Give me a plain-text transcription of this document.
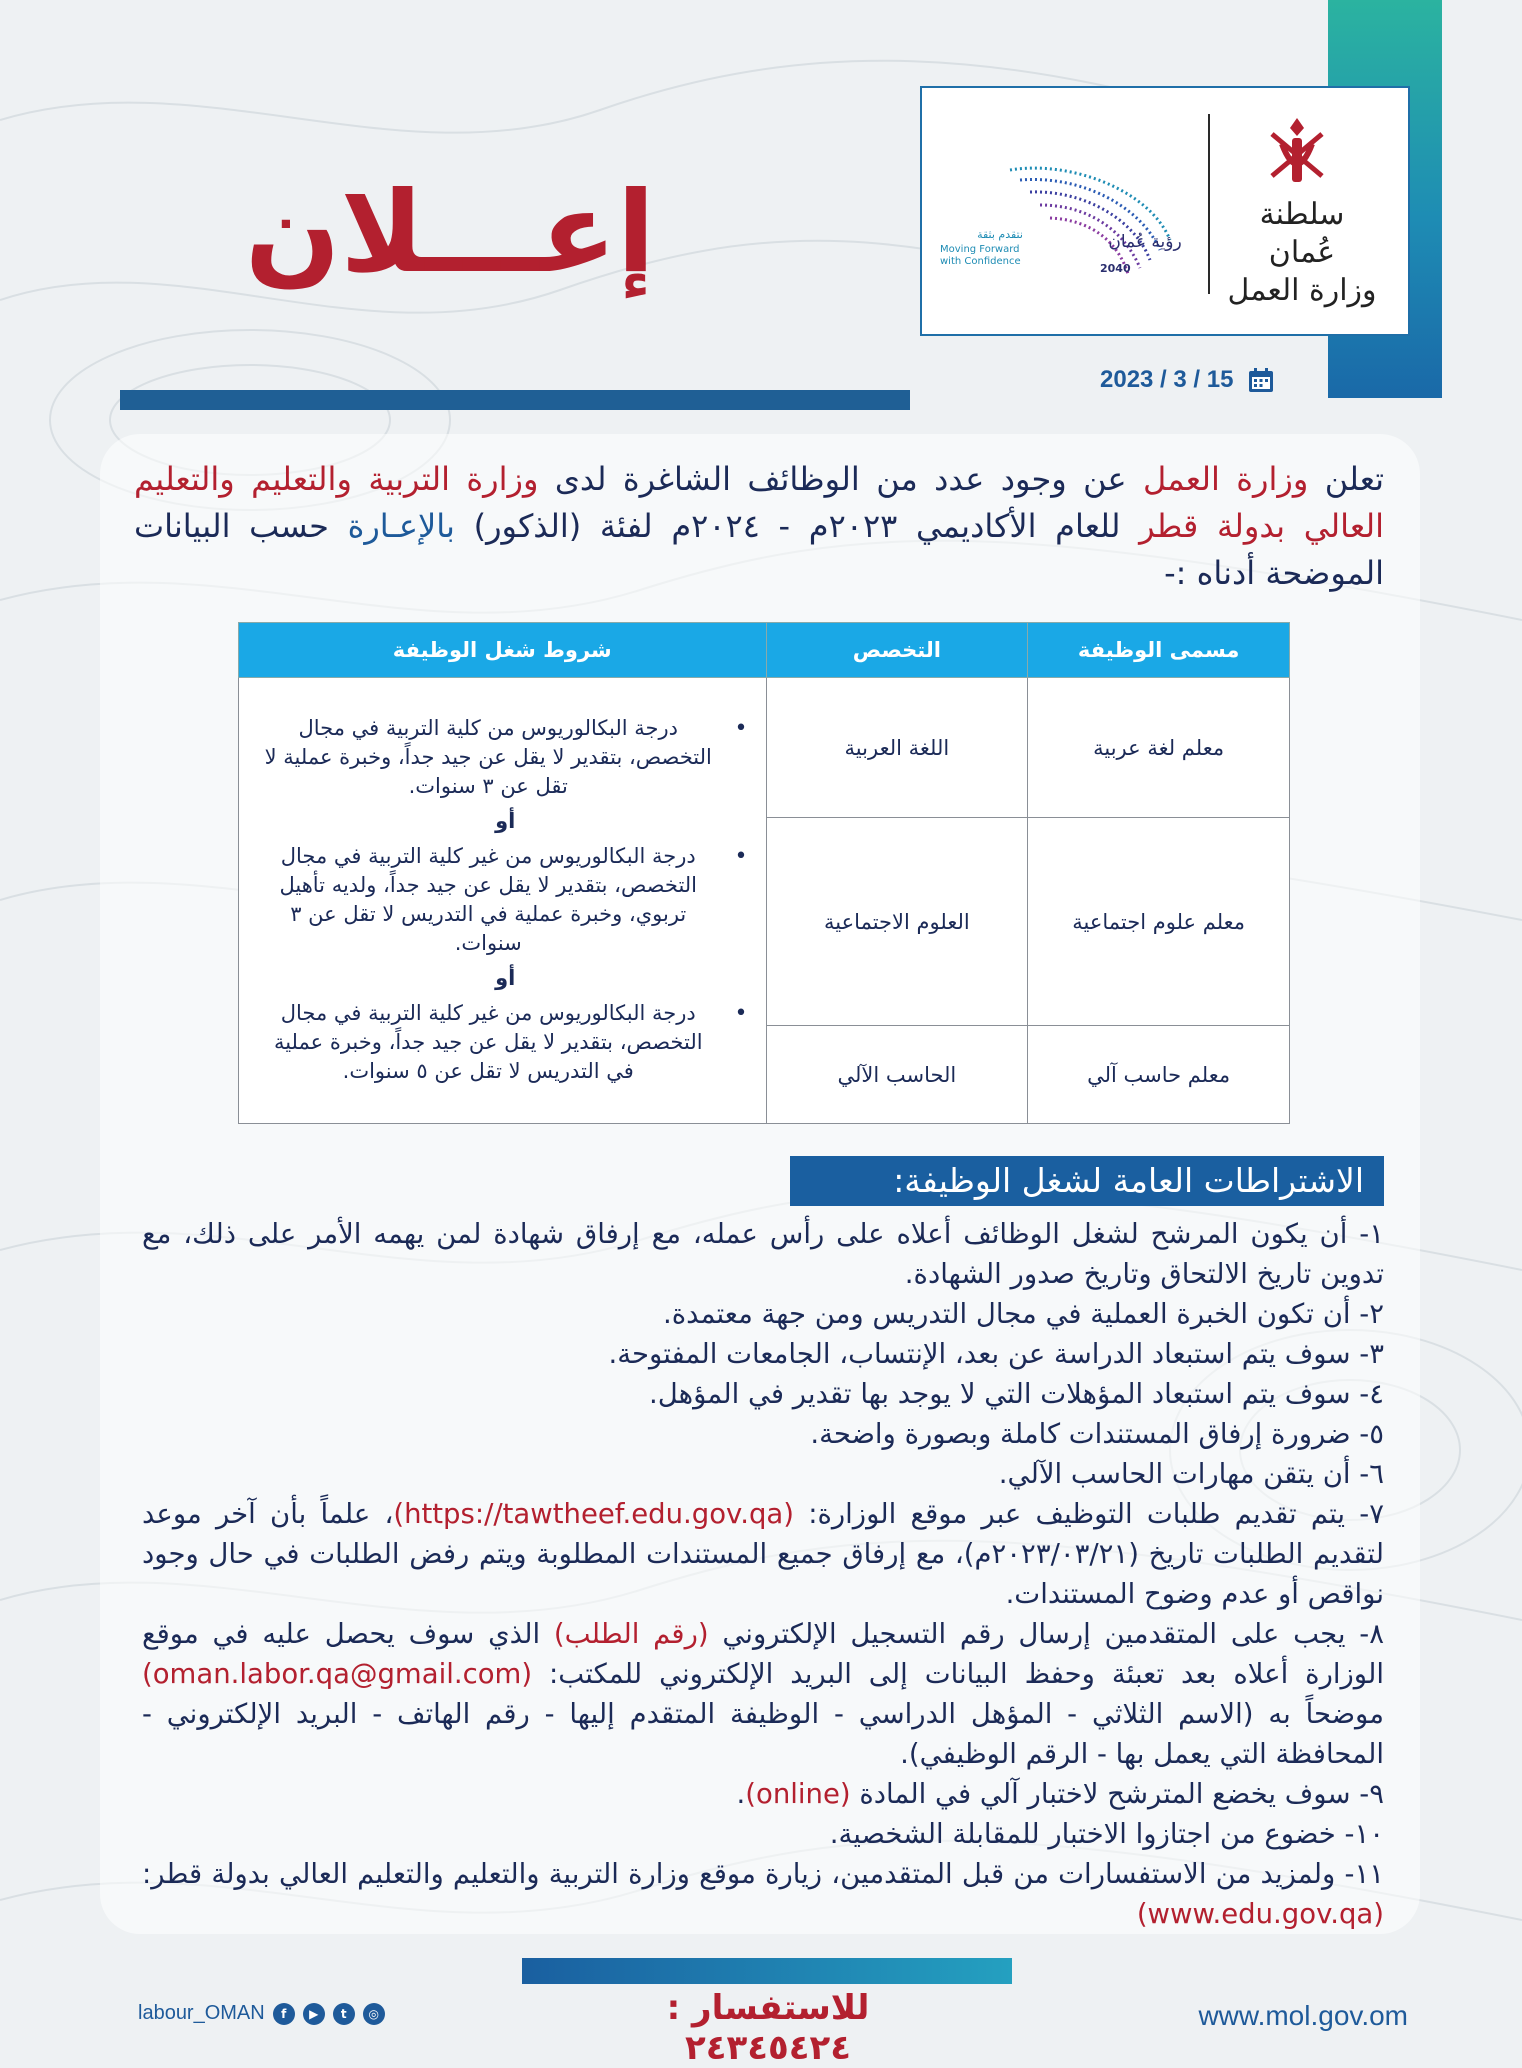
سلطنة عُمان
وزارة العمل
رؤية عُمان
2040
نتقدم بثقة
Moving Forward with Confidence
إعـــلان
2023 / 3 / 15
تعلن وزارة العمل عن وجود عدد من الوظائف الشاغرة لدى وزارة التربية والتعليم والتعليم العالي بدولة قطر للعام الأكاديمي ٢٠٢٣م - ٢٠٢٤م لفئة (الذكور) بالإعـارة حسب البيانات الموضحة أدناه :-
مسمى الوظيفة	التخصص	شروط شغل الوظيفة
معلم لغة عربية	اللغة العربية	• درجة البكالوريوس من كلية التربية في مجال التخصص، بتقدير لا يقل عن جيد جداً، وخبرة عملية لا تقل عن ٣ سنوات.
أو
• درجة البكالوريوس من غير كلية التربية في مجال التخصص، بتقدير لا يقل عن جيد جداً، ولديه تأهيل تربوي، وخبرة عملية في التدريس لا تقل عن ٣ سنوات.
أو
• درجة البكالوريوس من غير كلية التربية في مجال التخصص، بتقدير لا يقل عن جيد جداً، وخبرة عملية في التدريس لا تقل عن ٥ سنوات.

معلم علوم اجتماعية	العلوم الاجتماعية	
معلم حاسب آلي	الحاسب الآلي	
الاشتراطات العامة لشغل الوظيفة:

١- أن يكون المرشح لشغل الوظائف أعلاه على رأس عمله، مع إرفاق شهادة لمن يهمه الأمر على ذلك، مع تدوين تاريخ الالتحاق وتاريخ صدور الشهادة.

٢- أن تكون الخبرة العملية في مجال التدريس ومن جهة معتمدة.

٣- سوف يتم استبعاد الدراسة عن بعد، الإنتساب، الجامعات المفتوحة.

٤- سوف يتم استبعاد المؤهلات التي لا يوجد بها تقدير في المؤهل.

٥- ضرورة إرفاق المستندات كاملة وبصورة واضحة.

٦- أن يتقن مهارات الحاسب الآلي.

٧- يتم تقديم طلبات التوظيف عبر موقع الوزارة: (https://tawtheef.edu.gov.qa)، علماً بأن آخر موعد لتقديم الطلبات تاريخ (٢٠٢٣/٠٣/٢١م)، مع إرفاق جميع المستندات المطلوبة ويتم رفض الطلبات في حال وجود نواقص أو عدم وضوح المستندات.

٨- يجب على المتقدمين إرسال رقم التسجيل الإلكتروني (رقم الطلب) الذي سوف يحصل عليه في موقع الوزارة أعلاه بعد تعبئة وحفظ البيانات إلى البريد الإلكتروني للمكتب: (oman.labor.qa@gmail.com) موضحاً به (الاسم الثلاثي - المؤهل الدراسي - الوظيفة المتقدم إليها - رقم الهاتف - البريد الإلكتروني - المحافظة التي يعمل بها - الرقم الوظيفي).

٩- سوف يخضع المترشح لاختبار آلي في المادة (online).

١٠- خضوع من اجتازوا الاختبار للمقابلة الشخصية.

١١- ولمزيد من الاستفسارات من قبل المتقدمين، زيارة موقع وزارة التربية والتعليم والتعليم العالي بدولة قطر:(www.edu.gov.qa)

www.mol.gov.om
للاستفسار : ٢٤٣٤٥٤٢٤
labour_OMAN	f	▶	t	◎
